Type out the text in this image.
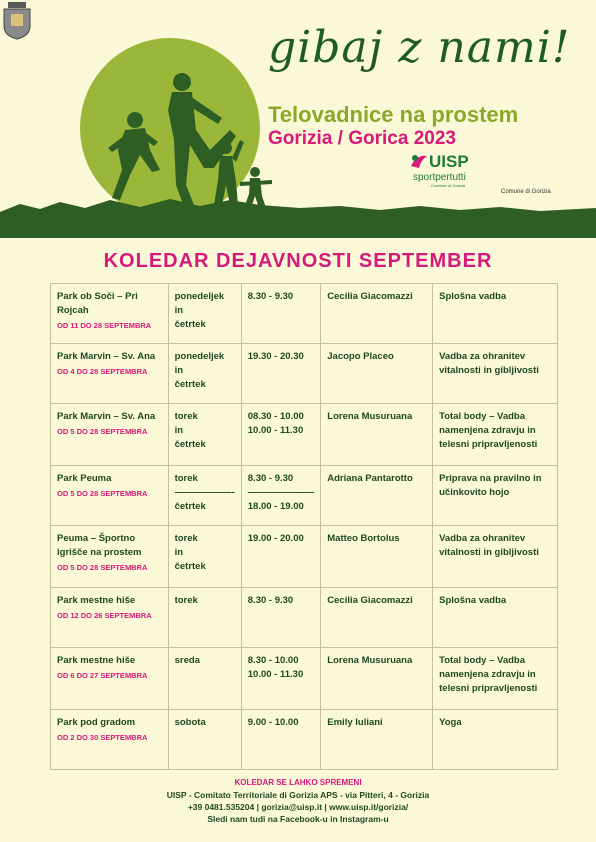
gibaj z nami!
Telovadnice na prostem
Gorizia / Gorica 2023
UISP
sportpertutti
Comitato di Gorizia
Comune di Gorizia
KOLEDAR DEJAVNOSTI SEPTEMBER
Park ob Soči – Pri Rojcah
OD 11 DO 28 SEPTEMBRA	ponedeljek
in
četrtek	8.30 - 9.30	Cecilia Giacomazzi	Splošna vadba
Park Marvin – Sv. Ana
OD 4 DO 28 SEPTEMBRA	ponedeljek
in
četrtek	19.30 - 20.30	Jacopo Placeo	Vadba za ohranitev vitalnosti in gibljivosti
Park Marvin – Sv. Ana
OD 5 DO 28 SEPTEMBRA	torek
in
četrtek	08.30 - 10.00
10.00 - 11.30	Lorena Musuruana	Total body – Vadba namenjena zdravju in telesni pripravljenosti
Park Peuma
OD 5 DO 28 SEPTEMBRA	torek
——————-
četrtek	8.30 - 9.30
———————
18.00 - 19.00	Adriana Pantarotto	Priprava na pravilno in učinkovito hojo
Peuma – Športno igrišče na prostem
OD 5 DO 28 SEPTEMBRA	torek
in
četrtek	19.00 - 20.00	Matteo Bortolus	Vadba za ohranitev vitalnosti in gibljivosti
Park mestne hiše
OD 12 DO 26 SEPTEMBRA	torek	8.30 - 9.30	Cecilia Giacomazzi	Splošna vadba
Park mestne hiše
OD 6 DO 27 SEPTEMBRA	sreda	8.30 - 10.00
10.00 - 11.30	Lorena Musuruana	Total body – Vadba namenjena zdravju in telesni pripravljenosti
Park pod gradom
OD 2 DO 30 SEPTEMBRA	sobota	9.00 - 10.00	Emily Iuliani	Yoga
KOLEDAR SE LAHKO SPREMENI
UISP - Comitato Territoriale di Gorizia APS - via Pitteri, 4 - Gorizia
+39 0481.535204 | gorizia@uisp.it | www.uisp.it/gorizia/
Sledi nam tudi na Facebook-u in Instagram-u
